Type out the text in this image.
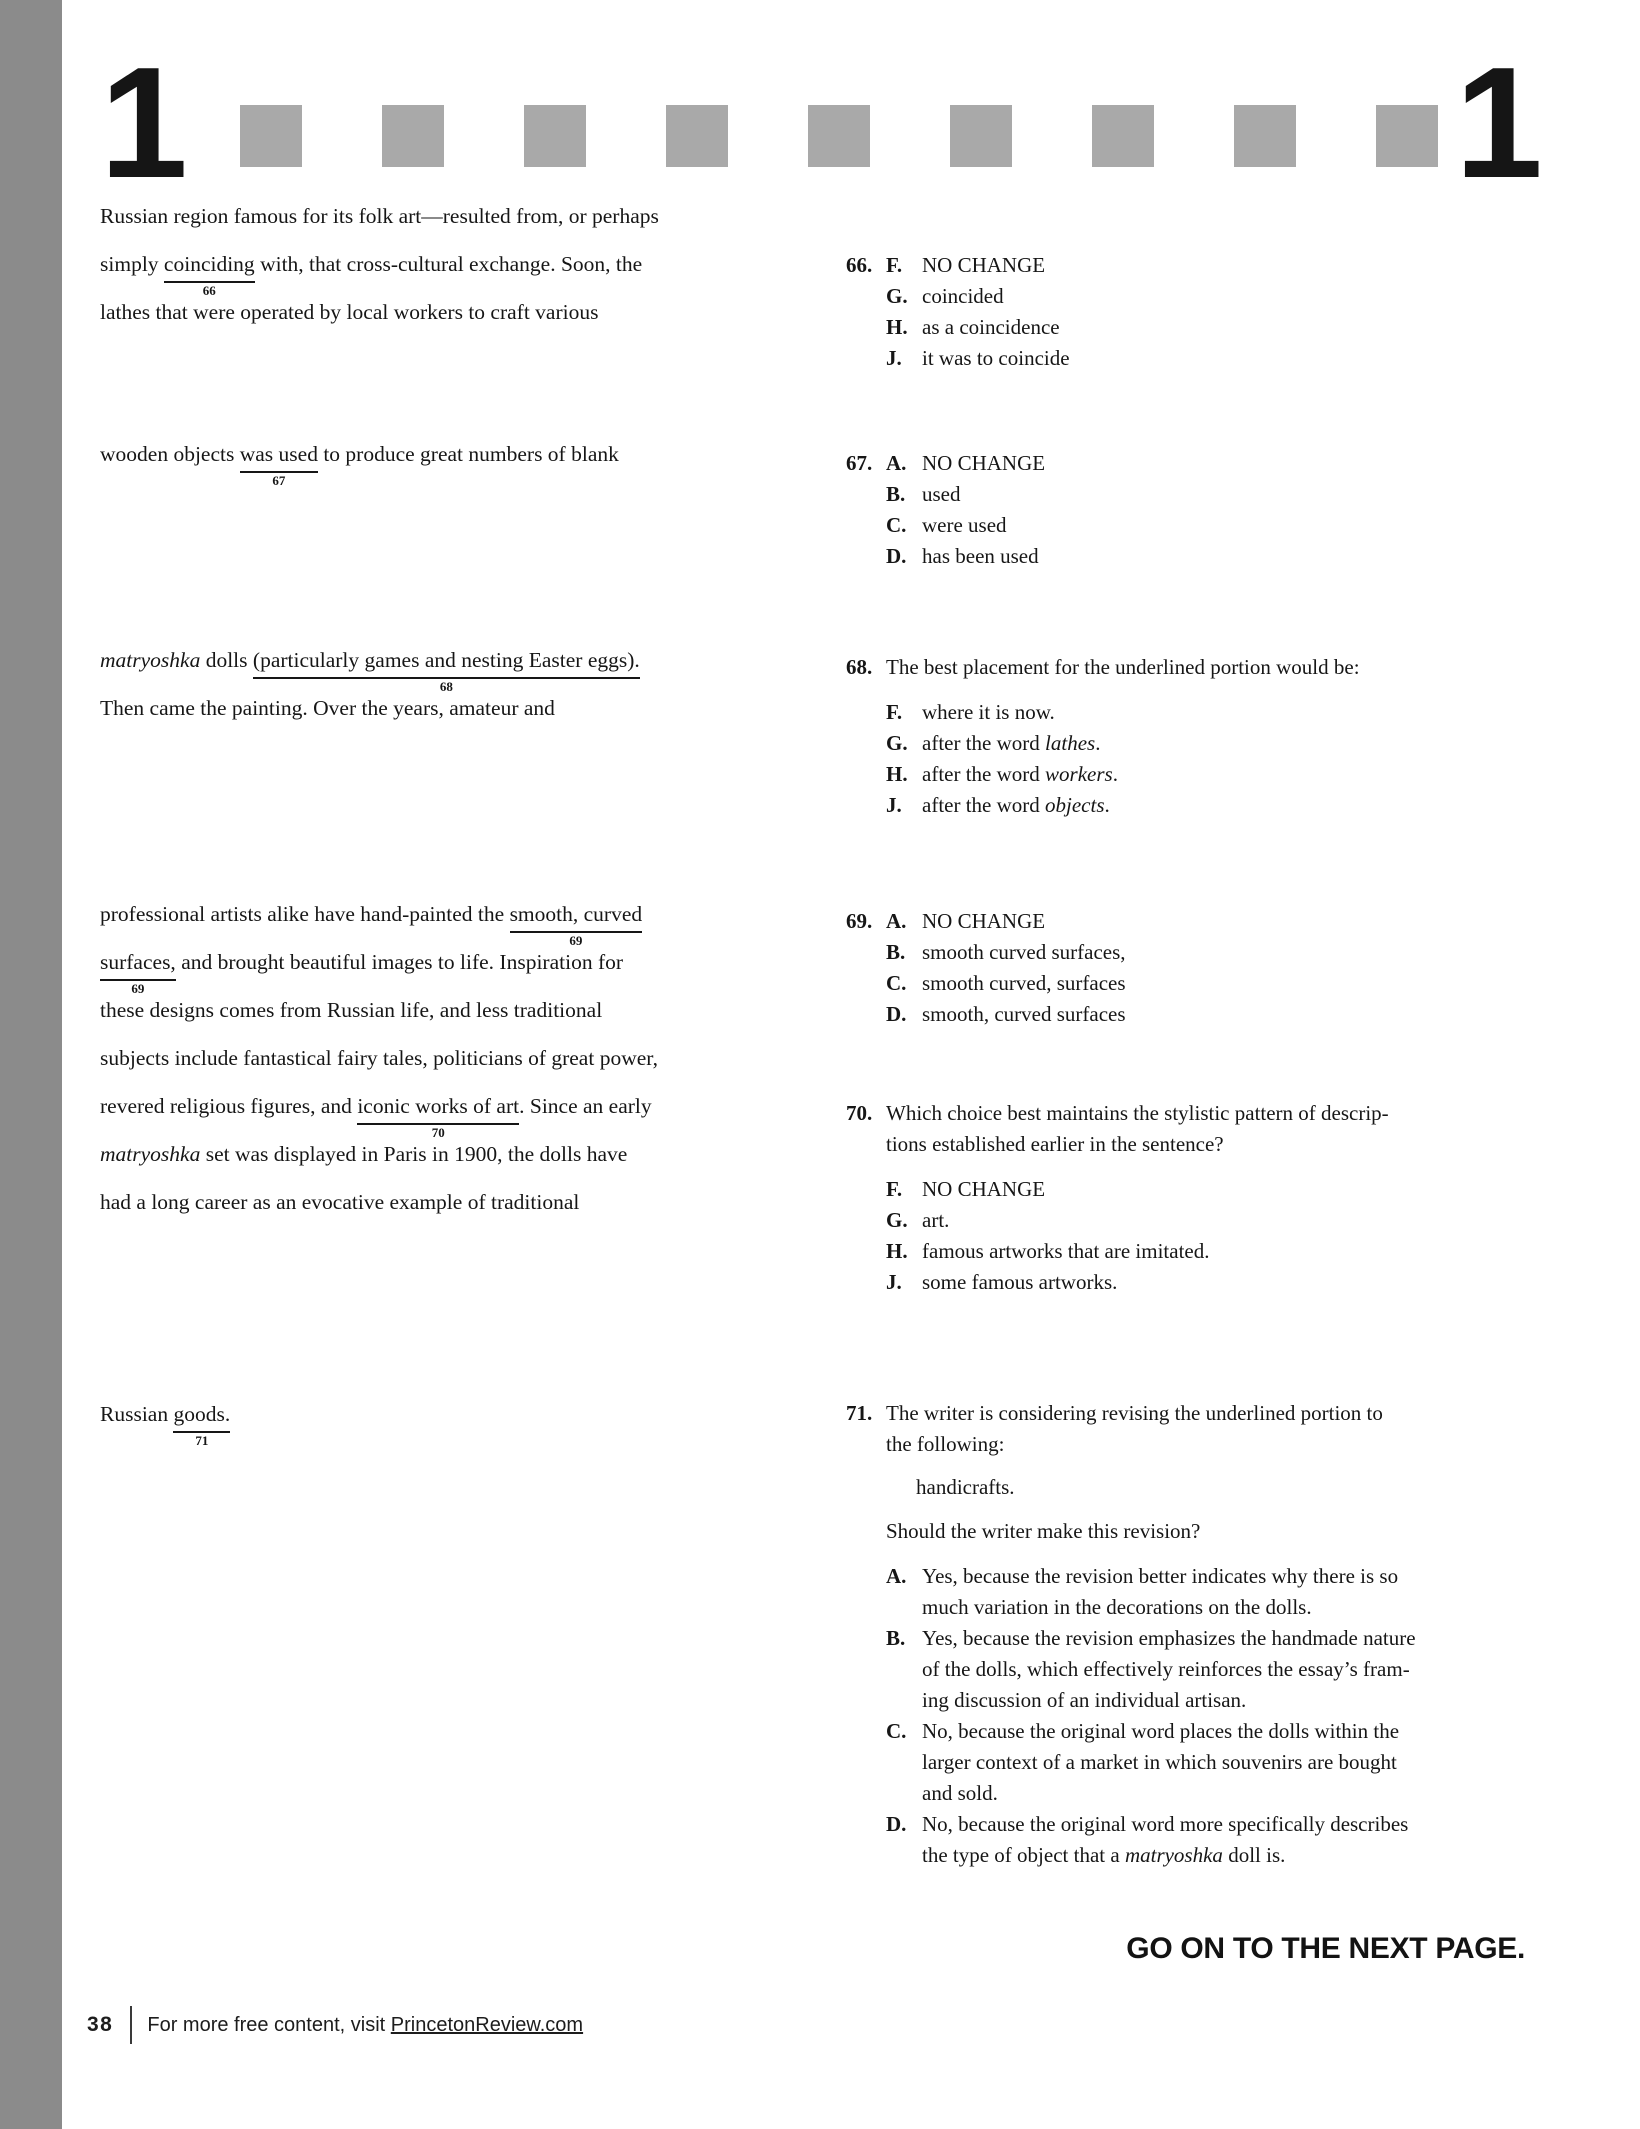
1	1
Russian region famous for its folk art—resulted from, or perhaps
simply coinciding
66
with, that cross-cultural exchange. Soon, the
lathes that were operated by local workers to craft various
wooden objects was used
67
to produce great numbers of blank
matryoshka dolls (particularly games and nesting Easter eggs).
68
Then came the painting. Over the years, amateur and
professional artists alike have hand-painted the smooth, curved
69
surfaces,
69
and brought beautiful images to life. Inspiration for
these designs comes from Russian life, and less traditional
subjects include fantastical fairy tales, politicians of great power,
revered religious figures, and iconic works of art
70
. Since an early
matryoshka set was displayed in Paris in 1900, the dolls have
had a long career as an evocative example of traditional
Russian goods.
71
66. F. NO CHANGE
G. coincided
H. as a coincidence
J. it was to coincide
67. A. NO CHANGE
B. used
C. were used
D. has been used
68. The best placement for the underlined portion would be:
F. where it is now.
G. after the word lathes.
H. after the word workers.
J. after the word objects.
69. A. NO CHANGE
B. smooth curved surfaces,
C. smooth curved, surfaces
D. smooth, curved surfaces
70. Which choice best maintains the stylistic pattern of descrip-
tions established earlier in the sentence?
F. NO CHANGE
G. art.
H. famous artworks that are imitated.
J. some famous artworks.
71. The writer is considering revising the underlined portion to
the following:
handicrafts.
Should the writer make this revision?
A. Yes, because the revision better indicates why there is so
much variation in the decorations on the dolls.
B. Yes, because the revision emphasizes the handmade nature
of the dolls, which effectively reinforces the essay’s fram-
ing discussion of an individual artisan.
C. No, because the original word places the dolls within the
larger context of a market in which souvenirs are bought
and sold.
D. No, because the original word more specifically describes
the type of object that a matryoshka doll is.
GO ON TO THE NEXT PAGE.
38 For more free content, visit PrincetonReview.com
